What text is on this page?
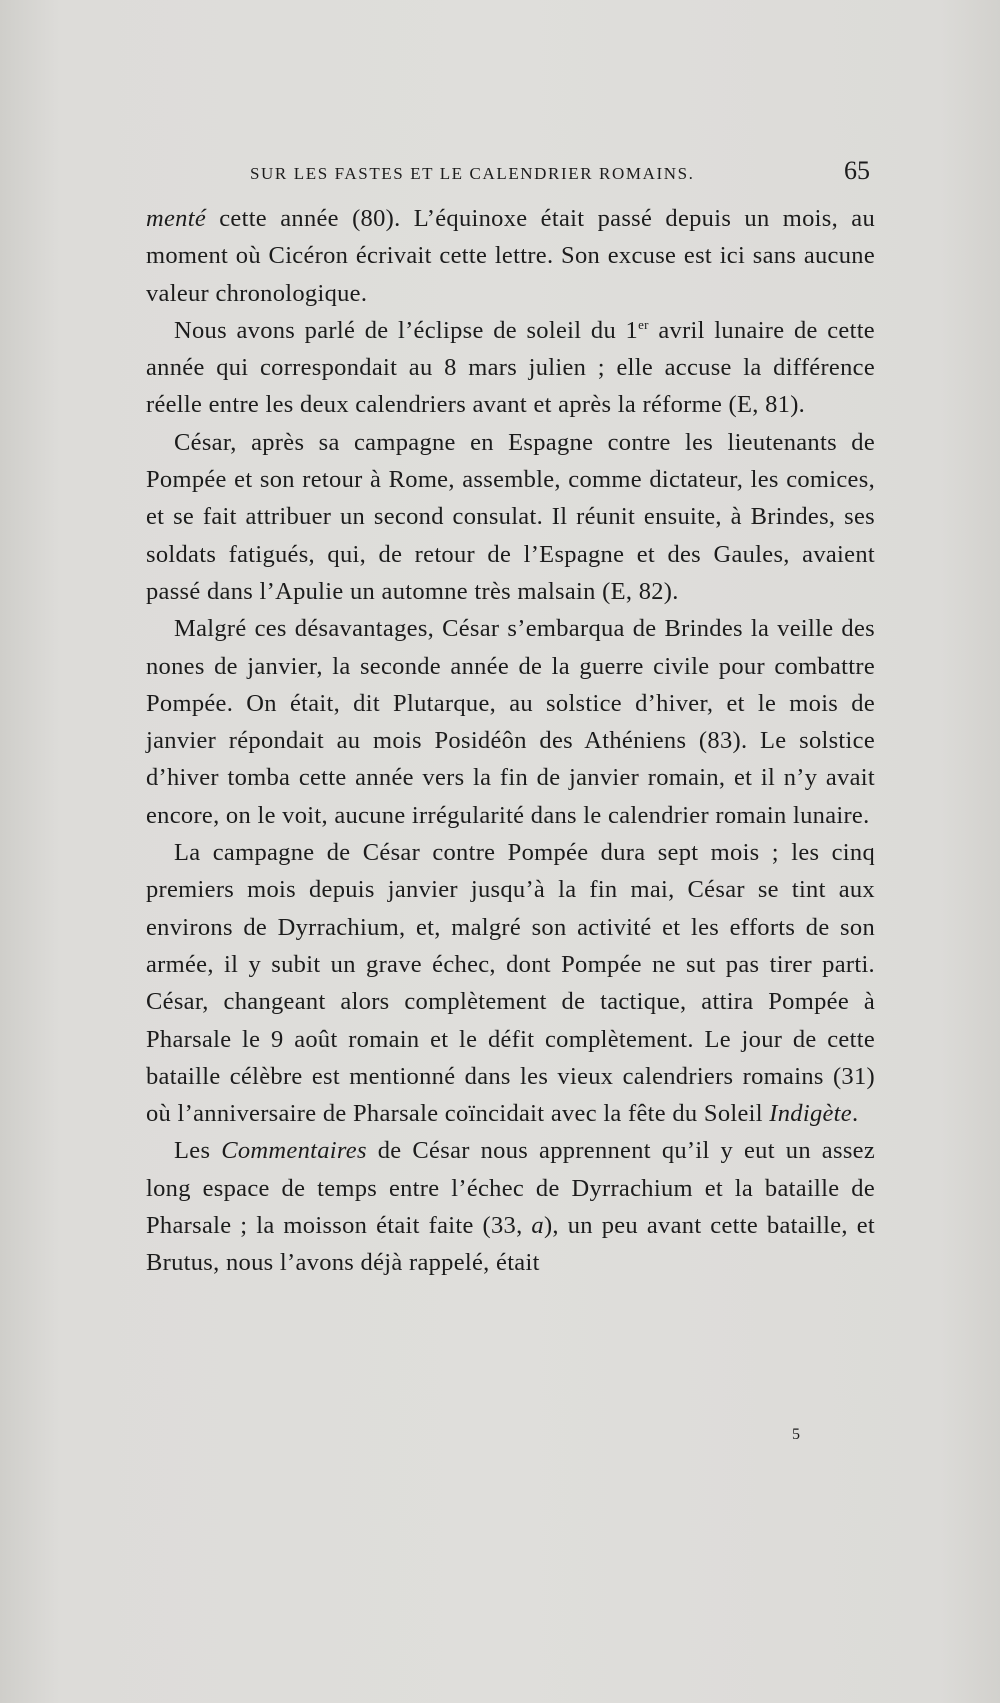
SUR LES FASTES ET LE CALENDRIER ROMAINS.	65

menté cette année (80). L’équinoxe était passé depuis un mois, au moment où Cicéron écrivait cette lettre. Son excuse est ici sans aucune valeur chronologique.

Nous avons parlé de l’éclipse de soleil du 1er avril lunaire de cette année qui correspondait au 8 mars julien ; elle accuse la différence réelle entre les deux calendriers avant et après la réforme (E, 81).

César, après sa campagne en Espagne contre les lieutenants de Pompée et son retour à Rome, assemble, comme dictateur, les comices, et se fait attribuer un second consulat. Il réunit ensuite, à Brindes, ses soldats fatigués, qui, de retour de l’Espagne et des Gaules, avaient passé dans l’Apulie un automne très malsain (E, 82).

Malgré ces désavantages, César s’embarqua de Brindes la veille des nones de janvier, la seconde année de la guerre civile pour combattre Pompée. On était, dit Plutarque, au solstice d’hiver, et le mois de janvier répondait au mois Posidéôn des Athéniens (83). Le solstice d’hiver tomba cette année vers la fin de janvier romain, et il n’y avait encore, on le voit, aucune irrégularité dans le calendrier romain lunaire.

La campagne de César contre Pompée dura sept mois ; les cinq premiers mois depuis janvier jusqu’à la fin mai, César se tint aux environs de Dyrrachium, et, malgré son activité et les efforts de son armée, il y subit un grave échec, dont Pompée ne sut pas tirer parti. César, changeant alors complètement de tactique, attira Pompée à Pharsale le 9 août romain et le défit complètement. Le jour de cette bataille célèbre est mentionné dans les vieux calendriers romains (31) où l’anniversaire de Pharsale coïncidait avec la fête du Soleil Indigète.

Les Commentaires de César nous apprennent qu’il y eut un assez long espace de temps entre l’échec de Dyrrachium et la bataille de Pharsale ; la moisson était faite (33, a), un peu avant cette bataille, et Brutus, nous l’avons déjà rappelé, était

5
